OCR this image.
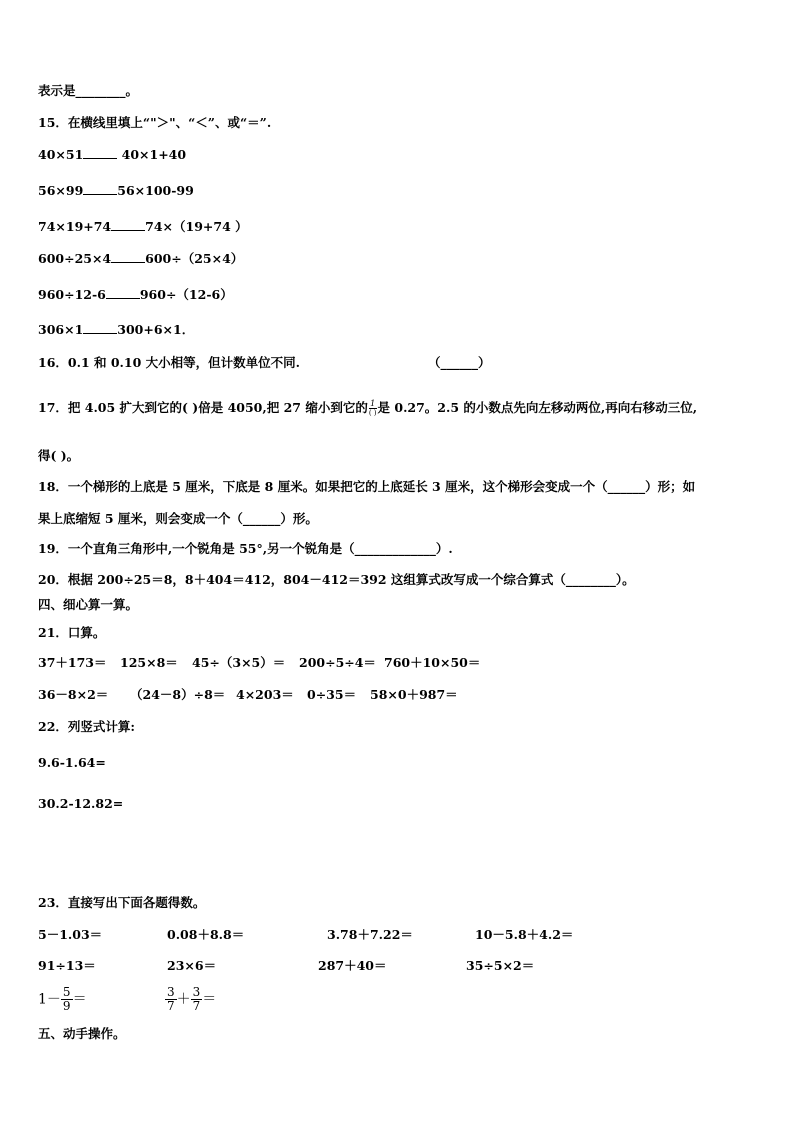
表示是________。
15．在横线里填上“"＞"、“＜”、或“＝”.
40×51	40×1+40
56×99	56×100-99
74×19+74	74×（19+74 ）
600÷25×4	600÷（25×4）
960÷12-6	960÷（12-6）
306×1	300+6×1．
16．0.1 和 0.10 大小相等，但计数单位不同.	（______）
17．把 4.05 扩大到它的( )倍是 4050,把 27 缩小到它的 $\frac{1}{( )}$ 是 0.27。2.5 的小数点先向左移动两位,再向右移动三位,
得( )。
18．一个梯形的上底是 5 厘米，下底是 8 厘米。如果把它的上底延长 3 厘米，这个梯形会变成一个（______）形；如
果上底缩短 5 厘米，则会变成一个（______）形。
19．一个直角三角形中,一个锐角是 55°,另一个锐角是（_____________）.
20．根据 200÷25＝8，8＋404＝412，804－412＝392 这组算式改写成一个综合算式（________）。
四、细心算一算。
21．口算。
37＋173＝ 125×8＝ 45÷（3×5）＝ 200÷5÷4＝ 760＋10×50＝
36－8×2＝ （24－8）÷8＝ 4×203＝ 0÷35＝ 58×0＋987＝
22．列竖式计算:
9.6-1.64=
30.2-12.82=
23．直接写出下面各题得数。
5－1.03＝	0.08＋8.8＝	3.78＋7.22＝	10－5.8＋4.2＝
91÷13＝	23×6＝	287＋40＝	35÷5×2＝
$1- \frac{5}{9}$ ＝	$\frac{3}{7} + \frac{3}{7}$ ＝
五、动手操作。
